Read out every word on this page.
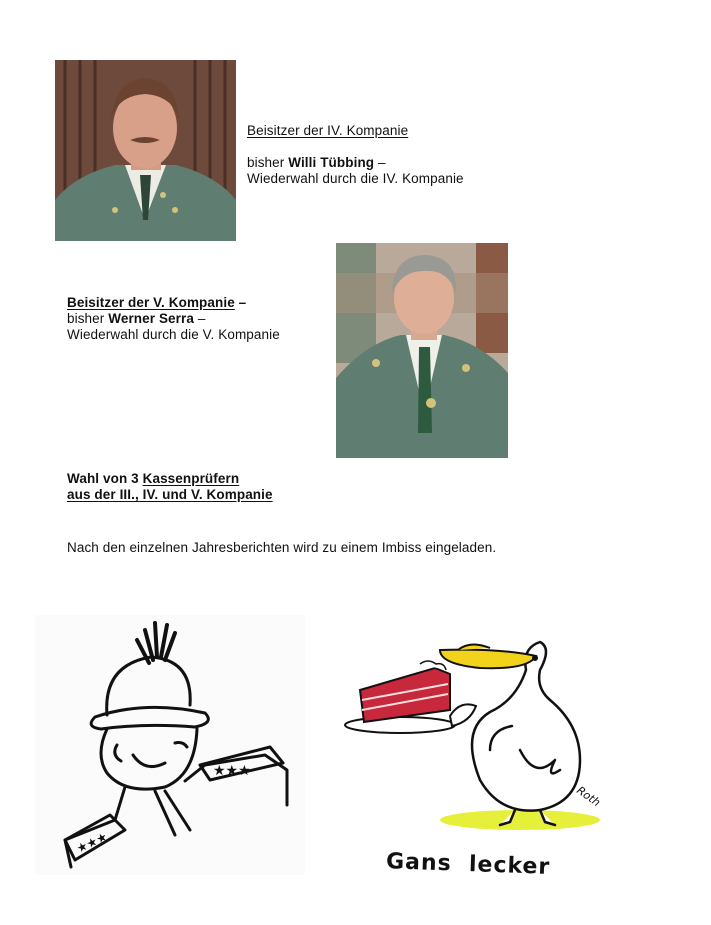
Beisitzer der IV. Kompanie
bisher Willi Tübbing –
Wiederwahl durch die IV. Kompanie
Beisitzer der V. Kompanie –
bisher Werner Serra –
Wiederwahl durch die V. Kompanie
Wahl von 3 Kassenprüfern
aus der III., IV. und V. Kompanie
Nach den einzelnen Jahresberichten wird zu einem Imbiss eingeladen.
★★★
★★★
Roth
Gans  lecker
